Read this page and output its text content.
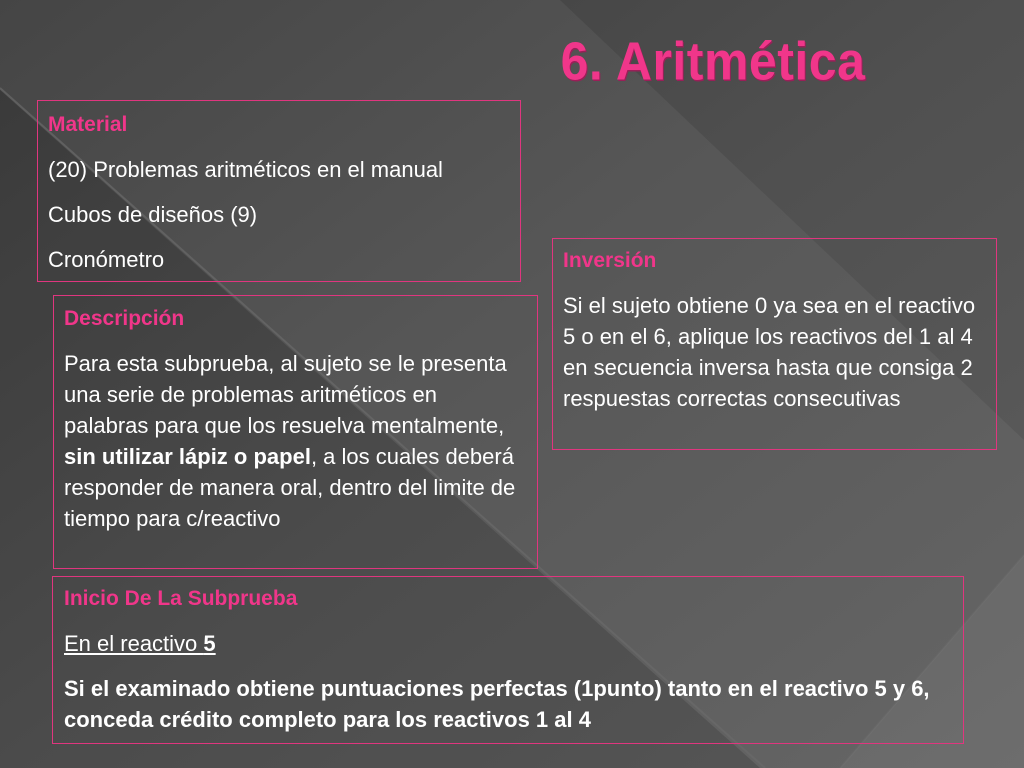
6. Aritmética

Material

(20) Problemas aritméticos en el manual

Cubos de diseños (9)

Cronómetro

Descripción

Para esta subprueba, al sujeto se le presenta una serie de problemas aritméticos en palabras para que los resuelva mentalmente, sin utilizar lápiz o papel, a los cuales deberá responder de manera oral, dentro del limite de tiempo para c/reactivo

Inversión

Si el sujeto obtiene 0 ya sea en el reactivo 5 o en el 6, aplique los reactivos del 1 al 4 en secuencia inversa hasta que consiga 2 respuestas correctas consecutivas

Inicio De La Subprueba

En el reactivo 5

Si el examinado obtiene puntuaciones perfectas (1punto) tanto en el reactivo 5 y 6, conceda crédito completo para los reactivos 1 al 4
